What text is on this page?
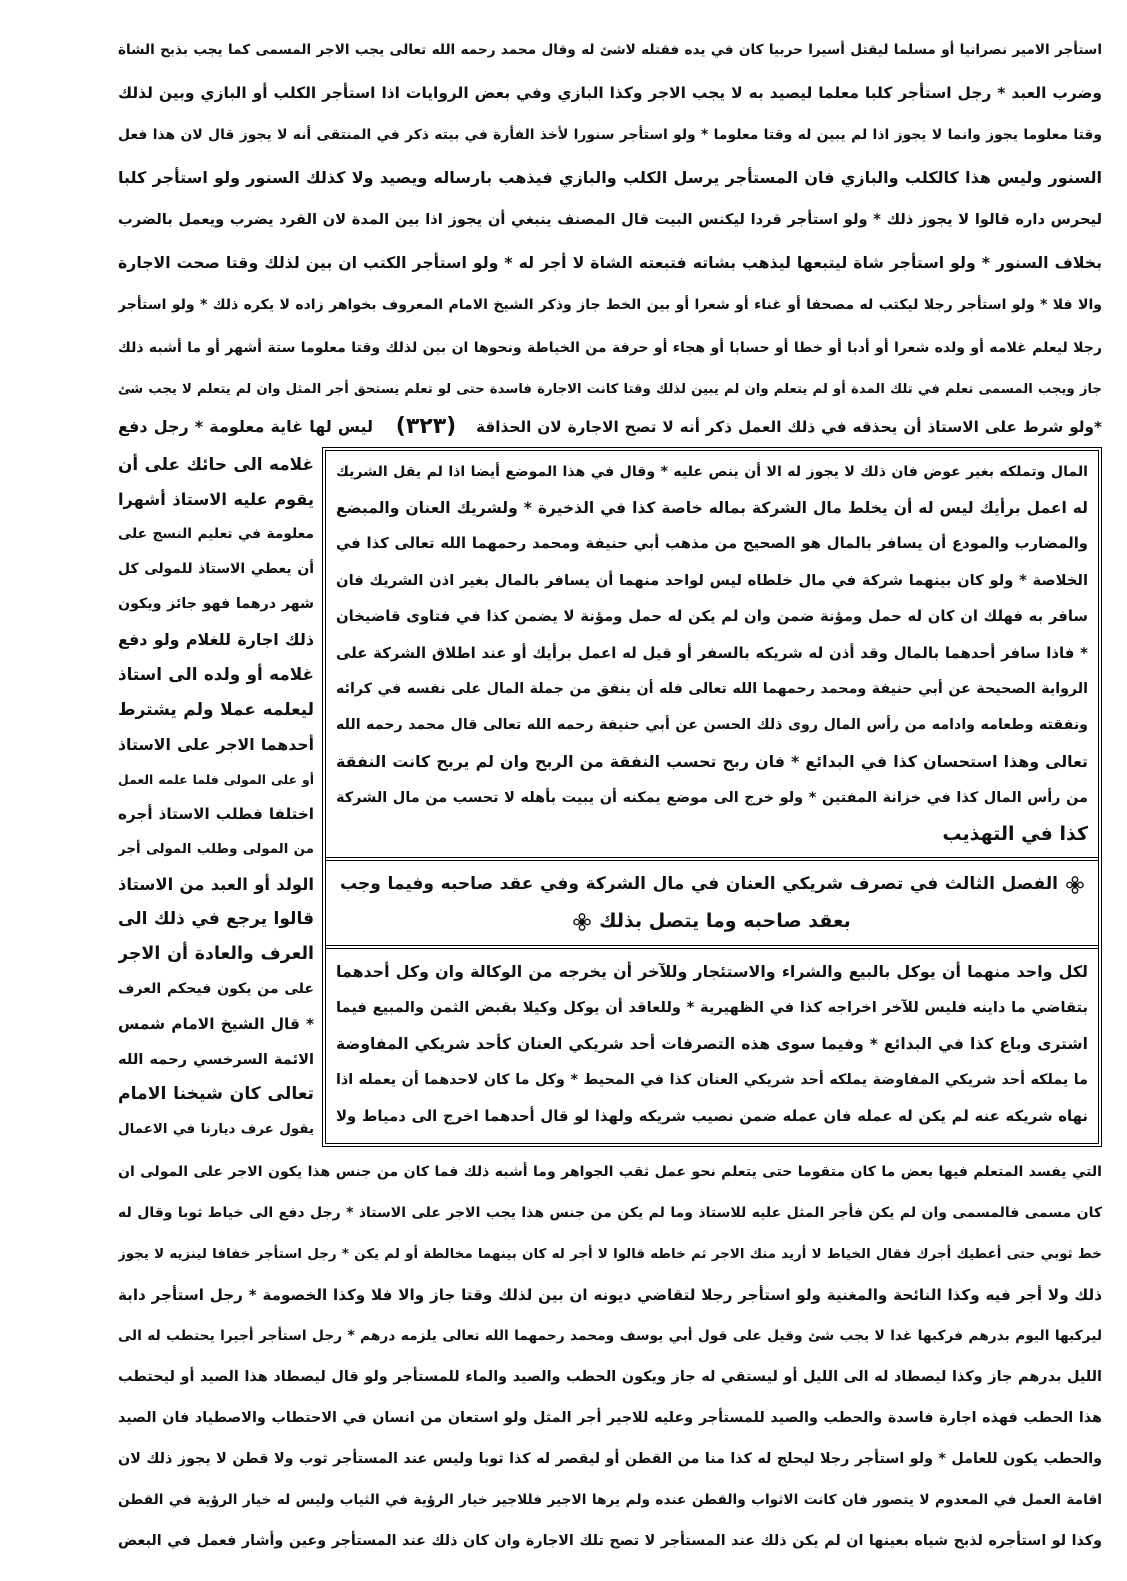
استأجر الامير نصرانيا أو مسلما ليقتل أسيرا حربيا كان في يده فقتله لاشئ له وقال محمد رحمه الله تعالى يجب الاجر المسمى كما يجب بذبح الشاة
وضرب العبد * رجل استأجر كلبا معلما ليصيد به لا يجب الاجر وكذا البازي وفي بعض الروايات اذا استأجر الكلب أو البازي وبين لذلك
وقتا معلوما يجوز وانما لا يجوز اذا لم يبين له وقتا معلوما * ولو استأجر سنورا لأخذ الفأرة في بيته ذكر في المنتقى أنه لا يجوز قال لان هذا فعل
السنور وليس هذا كالكلب والبازي فان المستأجر يرسل الكلب والبازي فيذهب بارساله ويصيد ولا كذلك السنور ولو استأجر كلبا
ليحرس داره قالوا لا يجوز ذلك * ولو استأجر قردا ليكنس البيت قال المصنف ينبغي أن يجوز اذا بين المدة لان القرد يضرب ويعمل بالضرب
بخلاف السنور * ولو استأجر شاة ليتبعها ليذهب بشاته فتبعته الشاة لا أجر له * ولو استأجر الكتب ان بين لذلك وقتا صحت الاجارة
والا فلا * ولو استأجر رجلا ليكتب له مصحفا أو غناء أو شعرا أو بين الخط جاز وذكر الشيخ الامام المعروف بخواهر زاده لا يكره ذلك * ولو استأجر
رجلا ليعلم غلامه أو ولده شعرا أو أدبا أو خطا أو حسابا أو هجاء أو حرفة من الخياطة ونحوها ان بين لذلك وقتا معلوما ستة أشهر أو ما أشبه ذلك
جاز ويجب المسمى تعلم في تلك المدة أو لم يتعلم وان لم يبين لذلك وقتا كانت الاجارة فاسدة حتى لو تعلم يستحق أجر المثل وان لم يتعلم لا يجب شئ
*ولو شرط على الاستاذ أن يحذقه في ذلك العمل ذكر أنه لا تصح الاجارة لان الحذاقة
(٣٢٣)
ليس لها غاية معلومة * رجل دفع
غلامه الى حائك على أن
يقوم عليه الاستاذ أشهرا
معلومة في تعليم النسج على
أن يعطي الاستاذ للمولى كل
شهر درهما فهو جائز ويكون
ذلك اجارة للغلام ولو دفع
غلامه أو ولده الى استاذ
ليعلمه عملا ولم يشترط
أحدهما الاجر على الاستاذ
أو على المولى فلما علمه العمل
اختلفا فطلب الاستاذ أجره
من المولى وطلب المولى أجر
الولد أو العبد من الاستاذ
قالوا يرجع في ذلك الى
العرف والعادة أن الاجر
على من يكون فيحكم العرف
* قال الشيخ الامام شمس
الائمة السرخسي رحمه الله
تعالى كان شيخنا الامام
يقول عرف ديارنا في الاعمال
المال وتملكه بغير عوض فان ذلك لا يجوز له الا أن ينص عليه * وقال في هذا الموضع أيضا اذا لم يقل الشريك
له اعمل برأيك ليس له أن يخلط مال الشركة بماله خاصة كذا في الذخيرة * ولشريك العنان والمبضع
والمضارب والمودع أن يسافر بالمال هو الصحيح من مذهب أبي حنيفة ومحمد رحمهما الله تعالى كذا في
الخلاصة * ولو كان بينهما شركة في مال خلطاه ليس لواحد منهما أن يسافر بالمال بغير اذن الشريك فان
سافر به فهلك ان كان له حمل ومؤنة ضمن وان لم يكن له حمل ومؤنة لا يضمن كذا في فتاوى قاضيخان
* فاذا سافر أحدهما بالمال وقد أذن له شريكه بالسفر أو قيل له اعمل برأيك أو عند اطلاق الشركة على
الرواية الصحيحة عن أبي حنيفة ومحمد رحمهما الله تعالى فله أن ينفق من جملة المال على نفسه في كرائه
ونفقته وطعامه وادامه من رأس المال روى ذلك الحسن عن أبي حنيفة رحمه الله تعالى قال محمد رحمه الله
تعالى وهذا استحسان كذا في البدائع * فان ربح تحسب النفقة من الربح وان لم يربح كانت النفقة
من رأس المال كذا في خزانة المفتين * ولو خرج الى موضع يمكنه أن يبيت بأهله لا تحسب من مال الشركة
كذا في التهذيب
الفصل الثالث في تصرف شريكي العنان في مال الشركة وفي عقد صاحبه وفيما وجب
بعقد صاحبه وما يتصل بذلك
لكل واحد منهما أن يوكل بالبيع والشراء والاستئجار وللآخر أن يخرجه من الوكالة وان وكل أحدهما
بتقاضي ما داينه فليس للآخر اخراجه كذا في الظهيرية * وللعاقد أن يوكل وكيلا بقبض الثمن والمبيع فيما
اشترى وباع كذا في البدائع * وفيما سوى هذه التصرفات أحد شريكي العنان كأحد شريكي المفاوضة
ما يملكه أحد شريكي المفاوضة يملكه أحد شريكي العنان كذا في المحيط * وكل ما كان لاحدهما أن يعمله اذا
نهاه شريكه عنه لم يكن له عمله فان عمله ضمن نصيب شريكه ولهذا لو قال أحدهما اخرج الى دمياط ولا
التي يفسد المتعلم فيها بعض ما كان متقوما حتى يتعلم نحو عمل ثقب الجواهر وما أشبه ذلك فما كان من جنس هذا يكون الاجر على المولى ان
كان مسمى فالمسمى وان لم يكن فأجر المثل عليه للاستاذ وما لم يكن من جنس هذا يجب الاجر على الاستاذ * رجل دفع الى خياط ثوبا وقال له
خط ثوبي حتى أعطيك أجرك فقال الخياط لا أريد منك الاجر ثم خاطه قالوا لا أجر له كان بينهما مخالطة أو لم يكن * رجل استأجر خفافا لينزيه لا يجوز
ذلك ولا أجر فيه وكذا النائحة والمغنية ولو استأجر رجلا لتقاضي ديونه ان بين لذلك وقتا جاز والا فلا وكذا الخصومة * رجل استأجر دابة
ليركبها اليوم بدرهم فركبها غدا لا يجب شئ وقيل على قول أبي يوسف ومحمد رحمهما الله تعالى يلزمه درهم * رجل استأجر أجيرا يحتطب له الى
الليل بدرهم جاز وكذا ليصطاد له الى الليل أو ليستقي له جاز ويكون الحطب والصيد والماء للمستأجر ولو قال ليصطاد هذا الصيد أو ليحتطب
هذا الحطب فهذه اجارة فاسدة والحطب والصيد للمستأجر وعليه للاجير أجر المثل ولو استعان من انسان في الاحتطاب والاصطياد فان الصيد
والحطب يكون للعامل * ولو استأجر رجلا ليحلج له كذا منا من القطن أو ليقصر له كذا ثوبا وليس عند المستأجر ثوب ولا قطن لا يجوز ذلك لان
اقامة العمل في المعدوم لا يتصور فان كانت الاثواب والقطن عنده ولم يرها الاجير فللاجير خيار الرؤية في الثياب وليس له خيار الرؤية في القطن
وكذا لو استأجره لذبح شياه بعينها ان لم يكن ذلك عند المستأجر لا تصح تلك الاجارة وان كان ذلك عند المستأجر وعين وأشار فعمل في البعض
